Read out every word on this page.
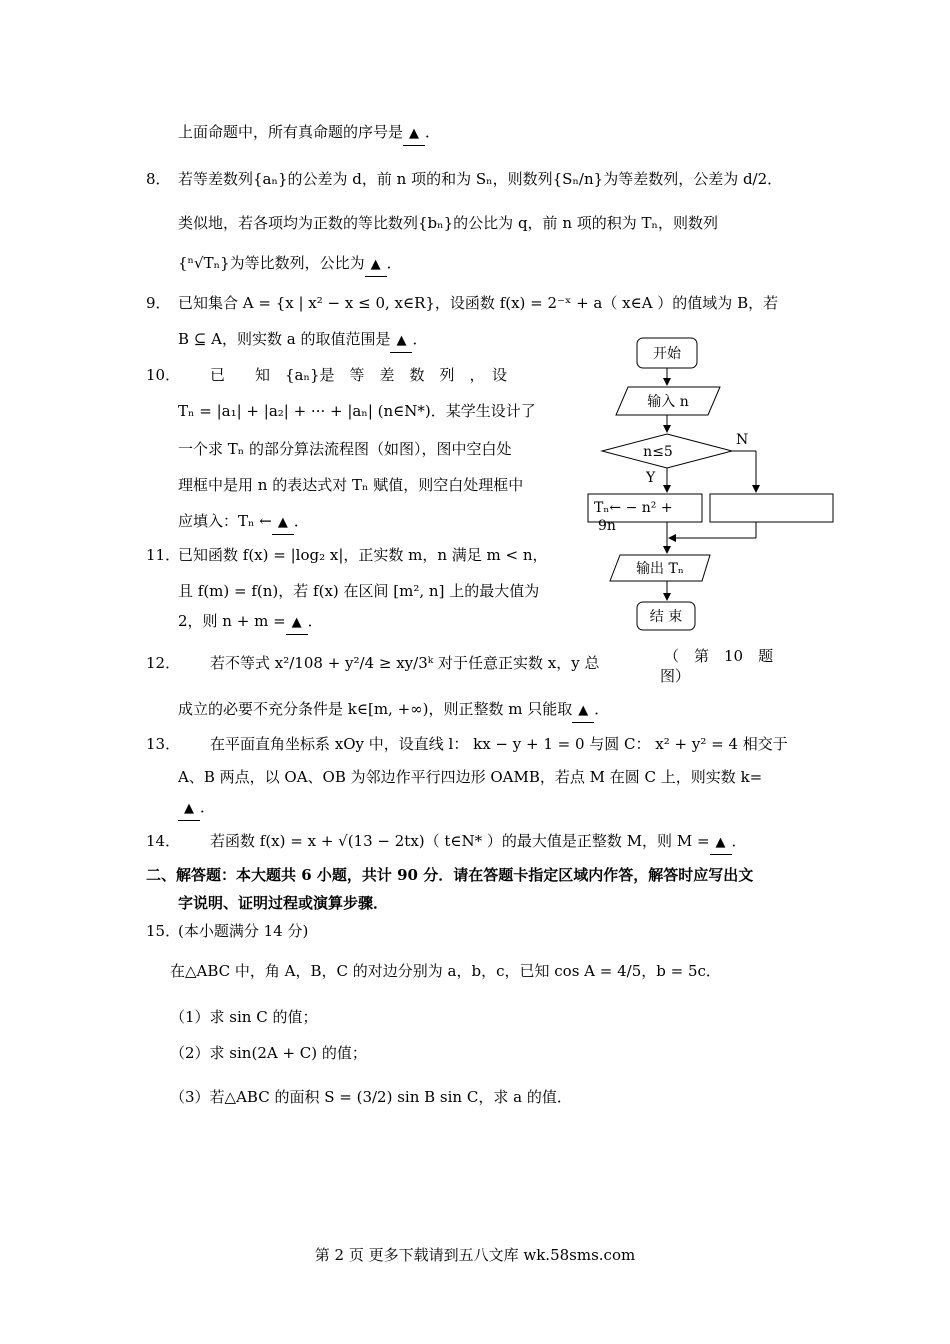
上面命题中，所有真命题的序号是 ▲ ．
8． 若等差数列{aₙ}的公差为 d，前 n 项的和为 Sₙ，则数列{Sₙ/n}为等差数列，公差为 d/2．
类似地，若各项均为正数的等比数列{bₙ}的公比为 q，前 n 项的积为 Tₙ，则数列
{ⁿ√Tₙ}为等比数列，公比为 ▲ ．
9． 已知集合 A = {x | x² − x ≤ 0, x∈R}，设函数 f(x) = 2⁻ˣ + a（ x∈A ）的值域为 B，若
B ⊆ A，则实数 a 的取值范围是 ▲ ．
10． 已　　知　{aₙ}是　等　差　数　列　，　设
Tₙ = |a₁| + |a₂| + ··· + |aₙ| (n∈N*)．某学生设计了
一个求 Tₙ 的部分算法流程图（如图），图中空白处
理框中是用 n 的表达式对 Tₙ 赋值，则空白处理框中
应填入：Tₙ ← ▲ ．
11．
已知函数 f(x) = |log₂ x|，正实数 m，n 满足 m < n，
且 f(m) = f(n)，若 f(x) 在区间 [m², n] 上的最大值为
2，则 n + m = ▲ ．
12． 若不等式 x²/108 + y²/4 ≥ xy/3ᵏ 对于任意正实数 x，y 总
成立的必要不充分条件是 k∈[m, +∞)，则正整数 m 只能取 ▲ ．
13． 在平面直角坐标系 xOy 中，设直线 l： kx − y + 1 = 0 与圆 C： x² + y² = 4 相交于
A、B 两点，以 OA、OB 为邻边作平行四边形 OAMB，若点 M 在圆 C 上，则实数 k=
▲ ．
14． 若函数 f(x) = x + √(13 − 2tx)（ t∈N* ）的最大值是正整数 M，则 M = ▲ ．
二、解答题：本大题共 6 小题，共计 90 分．请在答题卡指定区域内作答，解答时应写出文
字说明、证明过程或演算步骤．
15．
(本小题满分 14 分)
在△ABC 中，角 A，B，C 的对边分别为 a，b，c，已知 cos A = 4/5，b = 5c．
（1）求 sin C 的值；
（2）求 sin(2A + C) 的值；
（3）若△ABC 的面积 S = (3/2) sin B sin C，求 a 的值．
开始
输入 n
n≤5
N
Y
Tₙ← − n² +
9n
输出 Tₙ
结 束
（　第　10　题
图）
第 2 页 更多下载请到五八文库 wk.58sms.com
